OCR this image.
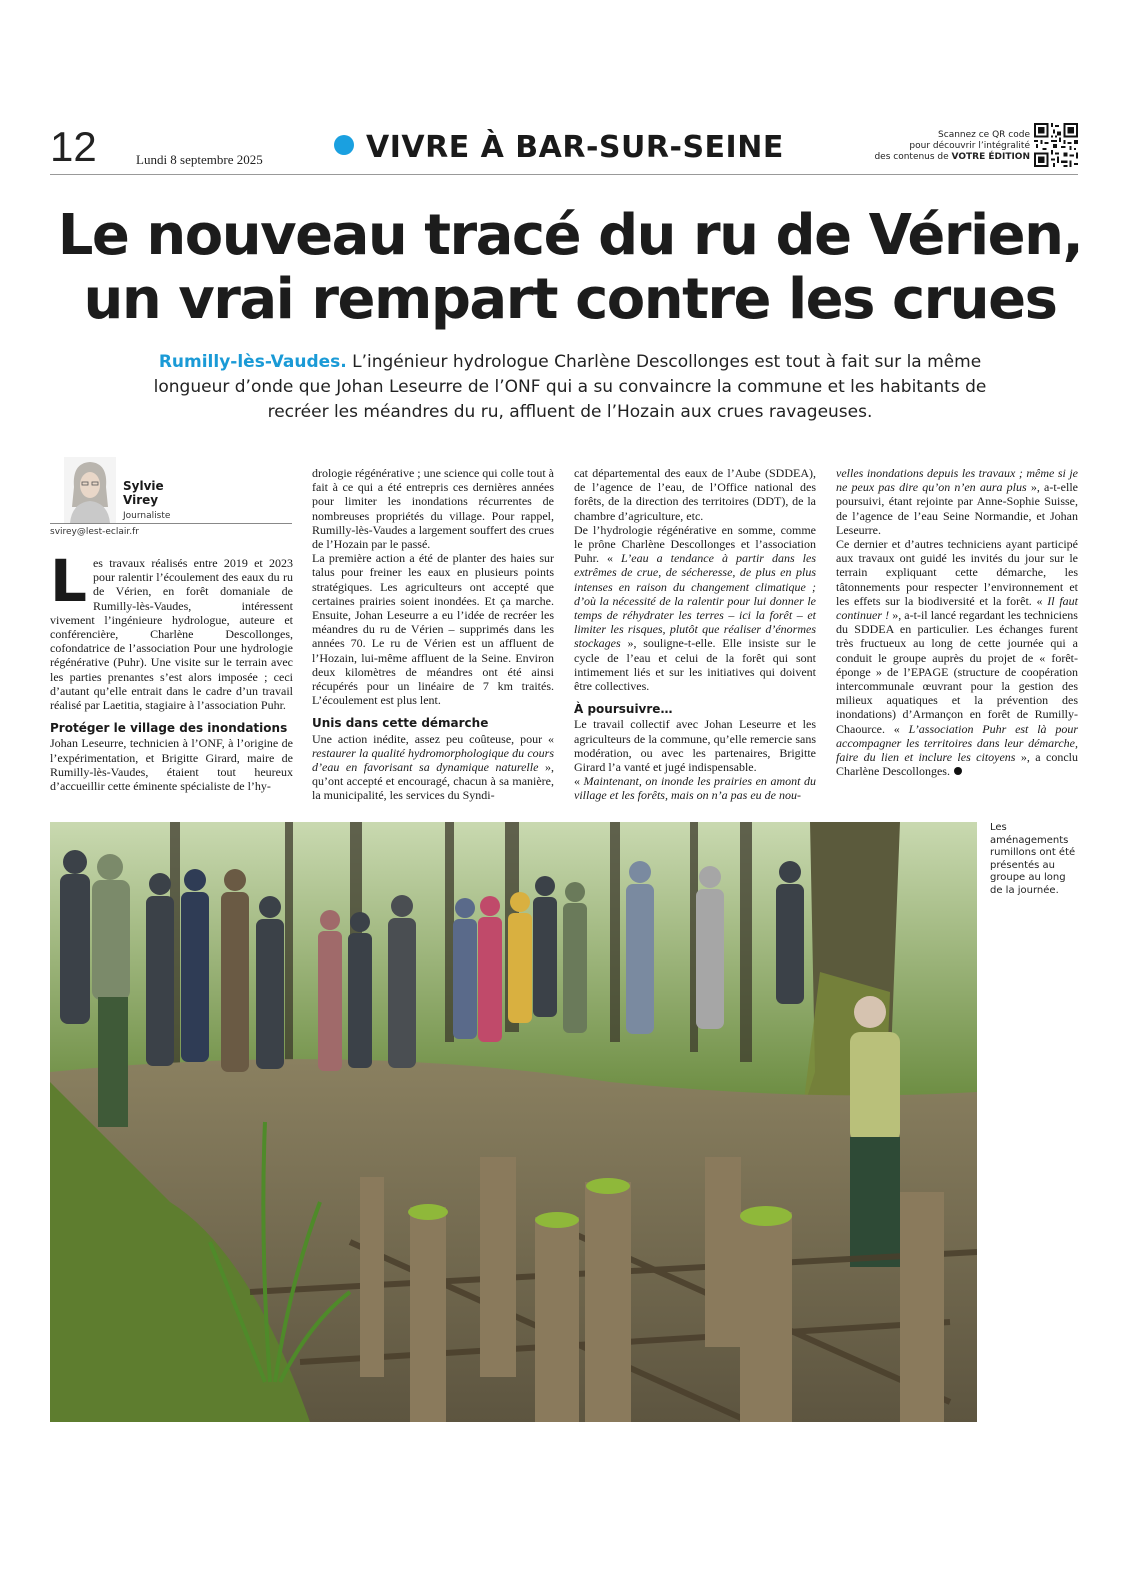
12	Lundi 8 septembre 2025	VIVRE À BAR-SUR-SEINE	Scannez ce QR code
pour découvrir l’intégralité
des contenus de VOTRE ÉDITION
Le nouveau tracé du ru de Vérien,
un vrai rempart contre les crues
Rumilly-lès-Vaudes. L’ingénieur hydrologue Charlène Descollonges est tout à fait sur la même longueur d’onde que Johan Leseurre de l’ONF qui a su convaincre la commune et les habitants de recréer les méandres du ru, affluent de l’Hozain aux crues ravageuses.
Sylvie
Virey
Journaliste
svirey@lest-eclair.fr

Les travaux réalisés entre 2019 et 2023 pour ralentir l’écoulement des eaux du ru de Vérien, en forêt domaniale de Rumilly-lès-Vaudes, intéressent vivement l’ingénieure hydrologue, auteure et conférencière, Charlène Descollonges, cofondatrice de l’association Pour une hydrologie régénérative (Puhr). Une visite sur le terrain avec les parties prenantes s’est alors imposée ; ceci d’autant qu’elle entrait dans le cadre d’un travail réalisé par Laetitia, stagiaire à l’association Puhr.

Protéger le village des inondations

Johan Leseurre, technicien à l’ONF, à l’origine de l’expérimentation, et Brigitte Girard, maire de Rumilly-lès-Vaudes, étaient tout heureux d’accueillir cette éminente spécialiste de l’hy-

drologie régénérative ; une science qui colle tout à fait à ce qui a été entrepris ces dernières années pour limiter les inondations récurrentes de nombreuses propriétés du village. Pour rappel, Rumilly-lès-Vaudes a largement souffert des crues de l’Hozain par le passé.

La première action a été de planter des haies sur talus pour freiner les eaux en plusieurs points stratégiques. Les agriculteurs ont accepté que certaines prairies soient inondées. Et ça marche. Ensuite, Johan Leseurre a eu l’idée de recréer les méandres du ru de Vérien – supprimés dans les années 70. Le ru de Vérien est un affluent de l’Hozain, lui-même affluent de la Seine. Environ deux kilomètres de méandres ont été ainsi récupérés pour un linéaire de 7 km traités. L’écoulement est plus lent.

Unis dans cette démarche

Une action inédite, assez peu coûteuse, pour « restaurer la qualité hydromorphologique du cours d’eau en favorisant sa dynamique naturelle », qu’ont accepté et encouragé, chacun à sa manière, la municipalité, les services du Syndi-

cat départemental des eaux de l’Aube (SDDEA), de l’agence de l’eau, de l’Office national des forêts, de la direction des territoires (DDT), de la chambre d’agriculture, etc.

De l’hydrologie régénérative en somme, comme le prône Charlène Descollonges et l’association Puhr. « L’eau a tendance à partir dans les extrêmes de crue, de sécheresse, de plus en plus intenses en raison du changement climatique ; d’où la nécessité de la ralentir pour lui donner le temps de réhydrater les terres – ici la forêt – et limiter les risques, plutôt que réaliser d’énormes stockages », souligne-t-elle. Elle insiste sur le cycle de l’eau et celui de la forêt qui sont intimement liés et sur les initiatives qui doivent être collectives.

À poursuivre…

Le travail collectif avec Johan Leseurre et les agriculteurs de la commune, qu’elle remercie sans modération, ou avec les partenaires, Brigitte Girard l’a vanté et jugé indispensable.

« Maintenant, on inonde les prairies en amont du village et les forêts, mais on n’a pas eu de nou-

velles inondations depuis les travaux ; même si je ne peux pas dire qu’on n’en aura plus », a-t-elle poursuivi, étant rejointe par Anne-Sophie Suisse, de l’agence de l’eau Seine Normandie, et Johan Leseurre.

Ce dernier et d’autres techniciens ayant participé aux travaux ont guidé les invités du jour sur le terrain expliquant cette démarche, les tâtonnements pour respecter l’environnement et les effets sur la biodiversité et la forêt. « Il faut continuer ! », a-t-il lancé regardant les techniciens du SDDEA en particulier. Les échanges furent très fructueux au long de cette journée qui a conduit le groupe auprès du projet de « forêt-éponge » de l’EPAGE (structure de coopération intercommunale œuvrant pour la gestion des milieux aquatiques et la prévention des inondations) d’Armançon en forêt de Rumilly-Chaource. « L’association Puhr est là pour accompagner les territoires dans leur démarche, faire du lien et inclure les citoyens », a conclu Charlène Descollonges.

Les aménagements rumillons ont été présentés au groupe au long de la journée.
